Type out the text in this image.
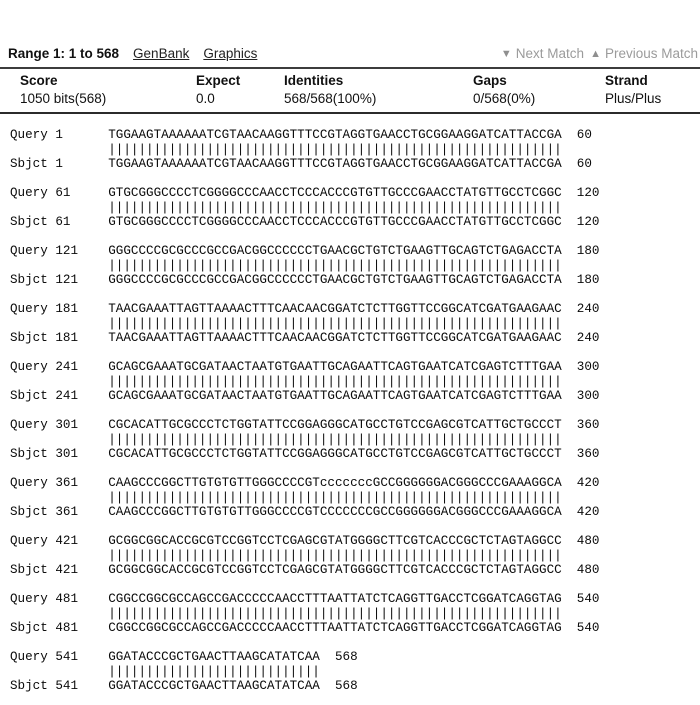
Range 1: 1 to 568 GenBank Graphics	▼ Next Match ▲ Previous Match
Score
1050 bits(568)
Expect
0.0
Identities
568/568(100%)
Gaps
0/568(0%)
Strand
Plus/Plus
Query 1      TGGAAGTAAAAAATCGTAACAAGGTTTCCGTAGGTGAACCTGCGGAAGGATCATTACCGA  60
||||||||||||||||||||||||||||||||||||||||||||||||||||||||||||
Sbjct 1      TGGAAGTAAAAAATCGTAACAAGGTTTCCGTAGGTGAACCTGCGGAAGGATCATTACCGA  60
Query 61     GTGCGGGCCCCTCGGGGCCCAACCTCCCACCCGTGTTGCCCGAACCTATGTTGCCTCGGC  120
||||||||||||||||||||||||||||||||||||||||||||||||||||||||||||
Sbjct 61     GTGCGGGCCCCTCGGGGCCCAACCTCCCACCCGTGTTGCCCGAACCTATGTTGCCTCGGC  120
Query 121    GGGCCCCGCGCCCGCCGACGGCCCCCCTGAACGCTGTCTGAAGTTGCAGTCTGAGACCTA  180
||||||||||||||||||||||||||||||||||||||||||||||||||||||||||||
Sbjct 121    GGGCCCCGCGCCCGCCGACGGCCCCCCTGAACGCTGTCTGAAGTTGCAGTCTGAGACCTA  180
Query 181    TAACGAAATTAGTTAAAACTTTCAACAACGGATCTCTTGGTTCCGGCATCGATGAAGAAC  240
||||||||||||||||||||||||||||||||||||||||||||||||||||||||||||
Sbjct 181    TAACGAAATTAGTTAAAACTTTCAACAACGGATCTCTTGGTTCCGGCATCGATGAAGAAC  240
Query 241    GCAGCGAAATGCGATAACTAATGTGAATTGCAGAATTCAGTGAATCATCGAGTCTTTGAA  300
||||||||||||||||||||||||||||||||||||||||||||||||||||||||||||
Sbjct 241    GCAGCGAAATGCGATAACTAATGTGAATTGCAGAATTCAGTGAATCATCGAGTCTTTGAA  300
Query 301    CGCACATTGCGCCCTCTGGTATTCCGGAGGGCATGCCTGTCCGAGCGTCATTGCTGCCCT  360
||||||||||||||||||||||||||||||||||||||||||||||||||||||||||||
Sbjct 301    CGCACATTGCGCCCTCTGGTATTCCGGAGGGCATGCCTGTCCGAGCGTCATTGCTGCCCT  360
Query 361    CAAGCCCGGCTTGTGTGTTGGGCCCCGTcccccccGCCGGGGGGACGGGCCCGAAAGGCA  420
||||||||||||||||||||||||||||||||||||||||||||||||||||||||||||
Sbjct 361    CAAGCCCGGCTTGTGTGTTGGGCCCCGTCCCCCCCGCCGGGGGGACGGGCCCGAAAGGCA  420
Query 421    GCGGCGGCACCGCGTCCGGTCCTCGAGCGTATGGGGCTTCGTCACCCGCTCTAGTAGGCC  480
||||||||||||||||||||||||||||||||||||||||||||||||||||||||||||
Sbjct 421    GCGGCGGCACCGCGTCCGGTCCTCGAGCGTATGGGGCTTCGTCACCCGCTCTAGTAGGCC  480
Query 481    CGGCCGGCGCCAGCCGACCCCCAACCTTTAATTATCTCAGGTTGACCTCGGATCAGGTAG  540
||||||||||||||||||||||||||||||||||||||||||||||||||||||||||||
Sbjct 481    CGGCCGGCGCCAGCCGACCCCCAACCTTTAATTATCTCAGGTTGACCTCGGATCAGGTAG  540
Query 541    GGATACCCGCTGAACTTAAGCATATCAA  568
||||||||||||||||||||||||||||
Sbjct 541    GGATACCCGCTGAACTTAAGCATATCAA  568
